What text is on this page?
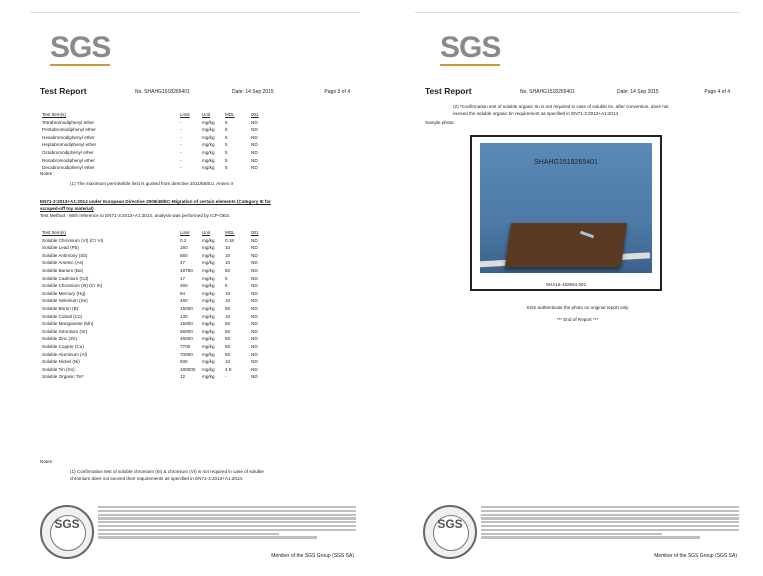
SGS
Test Report	No. SHAHG1518265401	Date: 14 Sep 2015	Page 3 of 4
Test Item(s)	Limit	Unit	MDL	001
Tetrabromodiphenyl ether	-	mg/kg 5	ND
Pentabromodiphenyl ether	-	mg/kg 5	ND
Hexabromodiphenyl ether	-	mg/kg 5	ND
Heptabromodiphenyl ether	-	mg/kg 5	ND
Octabromodiphenyl ether	-	mg/kg 5	ND
Nonabromodiphenyl ether	-	mg/kg 5	ND
Decabromodiphenyl ether	-	mg/kg 5	ND
Notes :
(1) The maximum permissible limit is quoted from directive 2011/65/EU, Annex II
EN71-3:2013+A1:2014 under European Directive 2009/48/EC-Migration of certain elements (Category III for
scraped-off toy material)
Test Method : With reference to EN71-3:2013+A1:2014, analysis was performed by ICP-OES.
Test Item(s)	Limit	Unit	MDL	001
Soluble Chromium (VI) (Cr VI)	0.2	mg/kg 0.18	ND
Soluble Lead (Pb)	160	mg/kg 10	ND
Soluble Antimony (Sb)	560	mg/kg 10	ND
Soluble Arsenic (As)	47	mg/kg 10	ND
Soluble Barium (Ba)	18750 mg/kg 50	ND
Soluble Cadmium (Cd)	17	mg/kg 5	ND
Soluble Chromium (III) (Cr III)	460	mg/kg 5	ND
Soluble Mercury (Hg)	94	mg/kg 10	ND
Soluble Selenium (Se)	460	mg/kg 10	ND
Soluble Boron (B)	15000 mg/kg 50	ND
Soluble Cobalt (Co)	130	mg/kg 10	ND
Soluble Manganese (Mn)	15000 mg/kg 50	ND
Soluble Strontium (Sr)	56000 mg/kg 50	ND
Soluble Zinc (Zn)	46000 mg/kg 50	ND
Soluble Copper (Cu)	7700	mg/kg 50	ND
Soluble Aluminum (Al)	70000 mg/kg 50	ND
Soluble Nickel (Ni)	930	mg/kg 10	ND
Soluble Tin (Sn)	180000 mg/kg 4.9	ND
Soluble Organic Tin*	12	mg/kg -	ND
Notes :
(1) Confirmation test of soluble chromium (III) & chromium (VI) is not required in case of soluble
chromium does not exceed their requirements as specified in EN71-3:2013+A1:2014.
SGS
Member of the SGS Group (SGS SA)
SGS
Test Report	No. SHAHG1518265401	Date: 14 Sep 2015	Page 4 of 4
(2) *Confirmation test of soluble organic tin is not required in case of soluble tin, after conversion, does not
exceed the soluble organic tin requirement as specified in EN71-3:2013+A1:2014
Sample photo:
SHAHG1518265401
SHA15-182654.001
SGS authenticate the photo on original report only
*** End of Report ***
SGS
Member of the SGS Group (SGS SA)
